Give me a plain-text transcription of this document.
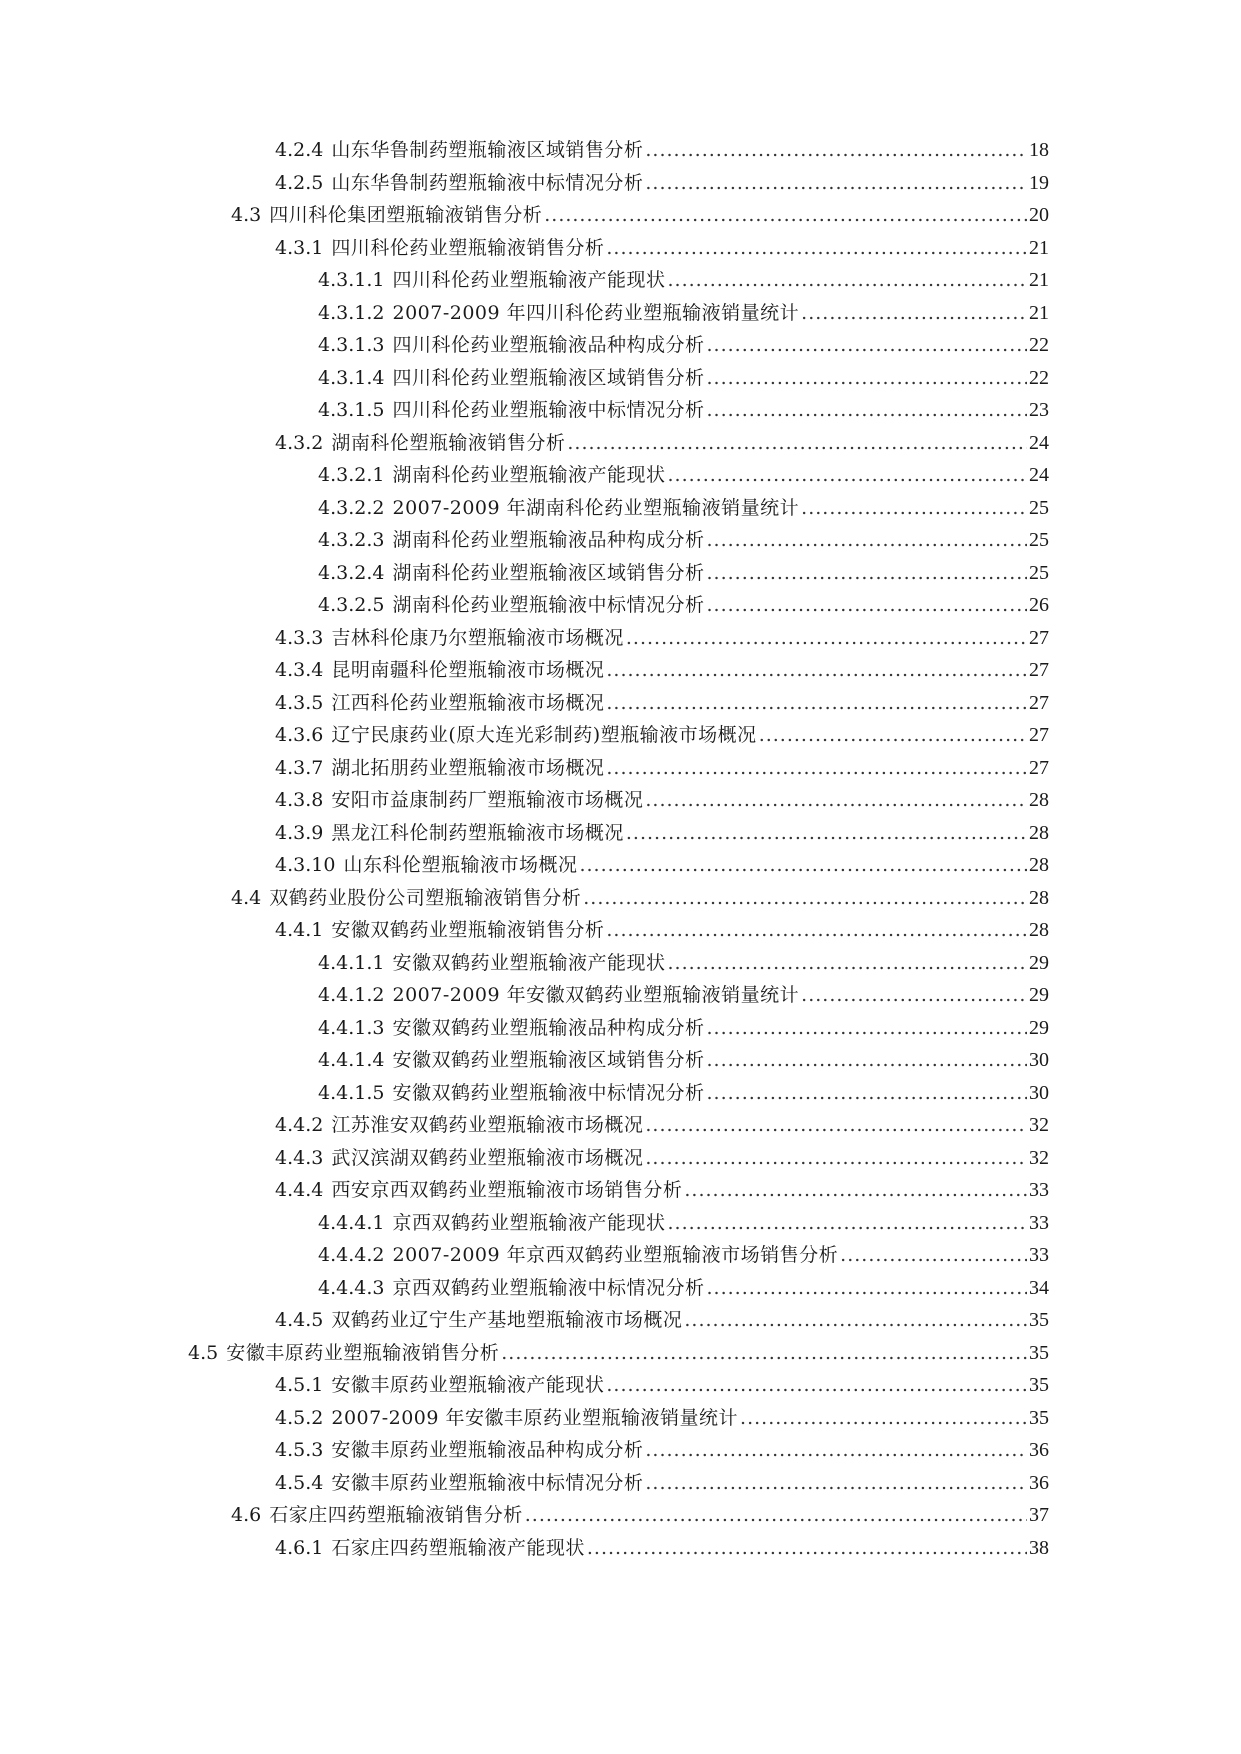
4.2.4 山东华鲁制药塑瓶输液区域销售分析 .....	18
4.2.5 山东华鲁制药塑瓶输液中标情况分析 .....	19
4.3 四川科伦集团塑瓶输液销售分析 .....	20
4.3.1 四川科伦药业塑瓶输液销售分析 .....	21
4.3.1.1 四川科伦药业塑瓶输液产能现状 .....	21
4.3.1.2 2007-2009 年四川科伦药业塑瓶输液销量统计 .....	21
4.3.1.3 四川科伦药业塑瓶输液品种构成分析 .....	22
4.3.1.4 四川科伦药业塑瓶输液区域销售分析 .....	22
4.3.1.5 四川科伦药业塑瓶输液中标情况分析 .....	23
4.3.2 湖南科伦塑瓶输液销售分析 .....	24
4.3.2.1 湖南科伦药业塑瓶输液产能现状 .....	24
4.3.2.2 2007-2009 年湖南科伦药业塑瓶输液销量统计 .....	25
4.3.2.3 湖南科伦药业塑瓶输液品种构成分析 .....	25
4.3.2.4 湖南科伦药业塑瓶输液区域销售分析 .....	25
4.3.2.5 湖南科伦药业塑瓶输液中标情况分析 .....	26
4.3.3 吉林科伦康乃尔塑瓶输液市场概况 .....	27
4.3.4 昆明南疆科伦塑瓶输液市场概况 .....	27
4.3.5 江西科伦药业塑瓶输液市场概况 .....	27
4.3.6 辽宁民康药业(原大连光彩制药)塑瓶输液市场概况 .....	27
4.3.7 湖北拓朋药业塑瓶输液市场概况 .....	27
4.3.8 安阳市益康制药厂塑瓶输液市场概况 .....	28
4.3.9 黑龙江科伦制药塑瓶输液市场概况 .....	28
4.3.10 山东科伦塑瓶输液市场概况 .....	28
4.4 双鹤药业股份公司塑瓶输液销售分析 .....	28
4.4.1 安徽双鹤药业塑瓶输液销售分析 .....	28
4.4.1.1 安徽双鹤药业塑瓶输液产能现状 .....	29
4.4.1.2 2007-2009 年安徽双鹤药业塑瓶输液销量统计 .....	29
4.4.1.3 安徽双鹤药业塑瓶输液品种构成分析 .....	29
4.4.1.4 安徽双鹤药业塑瓶输液区域销售分析 .....	30
4.4.1.5 安徽双鹤药业塑瓶输液中标情况分析 .....	30
4.4.2 江苏淮安双鹤药业塑瓶输液市场概况 .....	32
4.4.3 武汉滨湖双鹤药业塑瓶输液市场概况 .....	32
4.4.4 西安京西双鹤药业塑瓶输液市场销售分析 .....	33
4.4.4.1 京西双鹤药业塑瓶输液产能现状 .....	33
4.4.4.2 2007-2009 年京西双鹤药业塑瓶输液市场销售分析 .....	33
4.4.4.3 京西双鹤药业塑瓶输液中标情况分析 .....	34
4.4.5 双鹤药业辽宁生产基地塑瓶输液市场概况 .....	35
4.5 安徽丰原药业塑瓶输液销售分析 .....	35
4.5.1 安徽丰原药业塑瓶输液产能现状 .....	35
4.5.2 2007-2009 年安徽丰原药业塑瓶输液销量统计 .....	35
4.5.3 安徽丰原药业塑瓶输液品种构成分析 .....	36
4.5.4 安徽丰原药业塑瓶输液中标情况分析 .....	36
4.6 石家庄四药塑瓶输液销售分析 .....	37
4.6.1 石家庄四药塑瓶输液产能现状 .....	38
